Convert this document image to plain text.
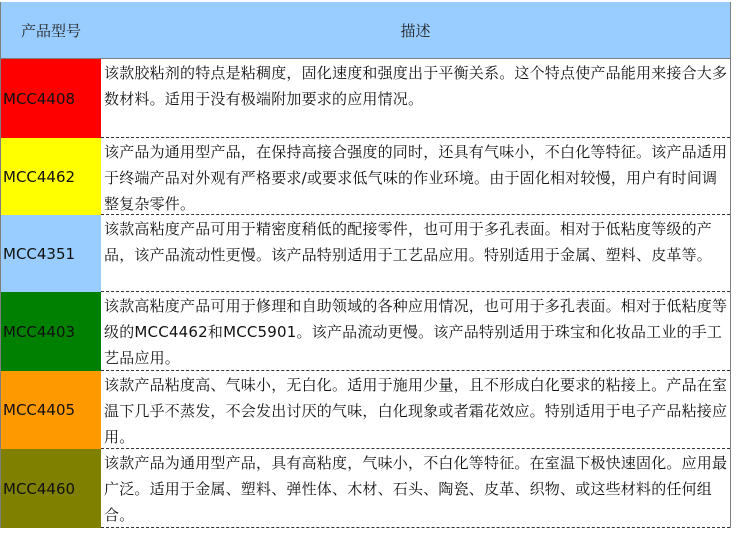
产品型号	描述
MCC4408
该款胶粘剂的特点是粘稠度，固化速度和强度出于平衡关系。这个特点使产品能用来接合大多数材料。适用于没有极端附加要求的应用情况。
MCC4462
该产品为通用型产品，在保持高接合强度的同时，还具有气味小，不白化等特征。该产品适用于终端产品对外观有严格要求/或要求低气味的作业环境。由于固化相对较慢，用户有时间调整复杂零件。
MCC4351
该款高粘度产品可用于精密度稍低的配接零件，也可用于多孔表面。相对于低粘度等级的产品，该产品流动性更慢。该产品特别适用于工艺品应用。特别适用于金属、塑料、皮革等。
MCC4403
该款高粘度产品可用于修理和自助领域的各种应用情况，也可用于多孔表面。相对于低粘度等级的MCC4462和MCC5901。该产品流动更慢。该产品特别适用于珠宝和化妆品工业的手工艺品应用。
MCC4405
该款产品粘度高、气味小，无白化。适用于施用少量，且不形成白化要求的粘接上。产品在室温下几乎不蒸发，不会发出讨厌的气味，白化现象或者霜花效应。特别适用于电子产品粘接应用。
MCC4460
该款产品为通用型产品，具有高粘度，气味小，不白化等特征。在室温下极快速固化。应用最广泛。适用于金属、塑料、弹性体、木材、石头、陶瓷、皮革、织物、或这些材料的任何组合。
